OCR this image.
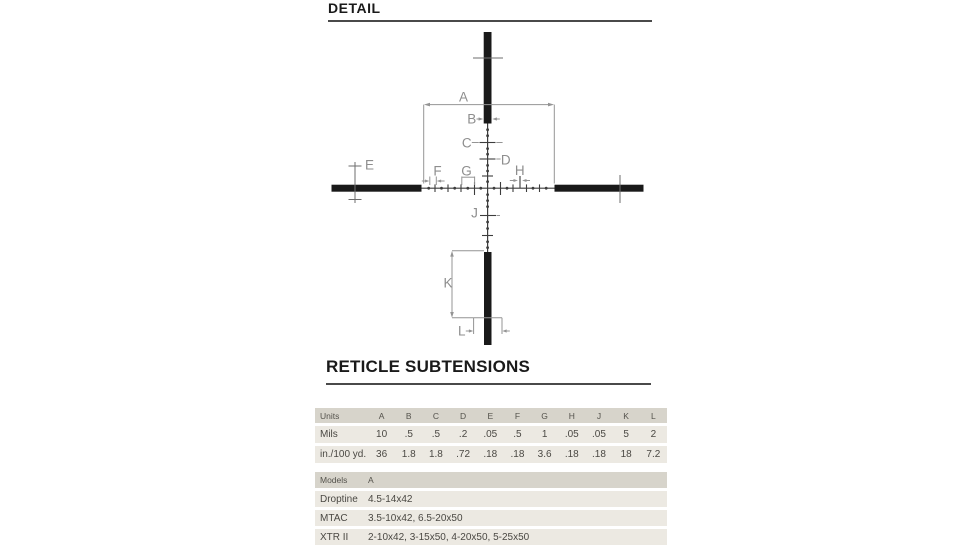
DETAIL
A
B
C
D
E	F G	H
J
K
L
RETICLE SUBTENSIONS
Units	A	B	C	D	E	F	G	H	J	K	L
Mils	10	.5	.5	.2	.05	.5	1	.05	.05	5	2
in./100 yd.	36	1.8	1.8	.72	.18	.18	3.6	.18	.18	18	7.2
Models	A
Droptine	4.5-14x42
MTAC	3.5-10x42, 6.5-20x50
XTR II	2-10x42, 3-15x50, 4-20x50, 5-25x50
